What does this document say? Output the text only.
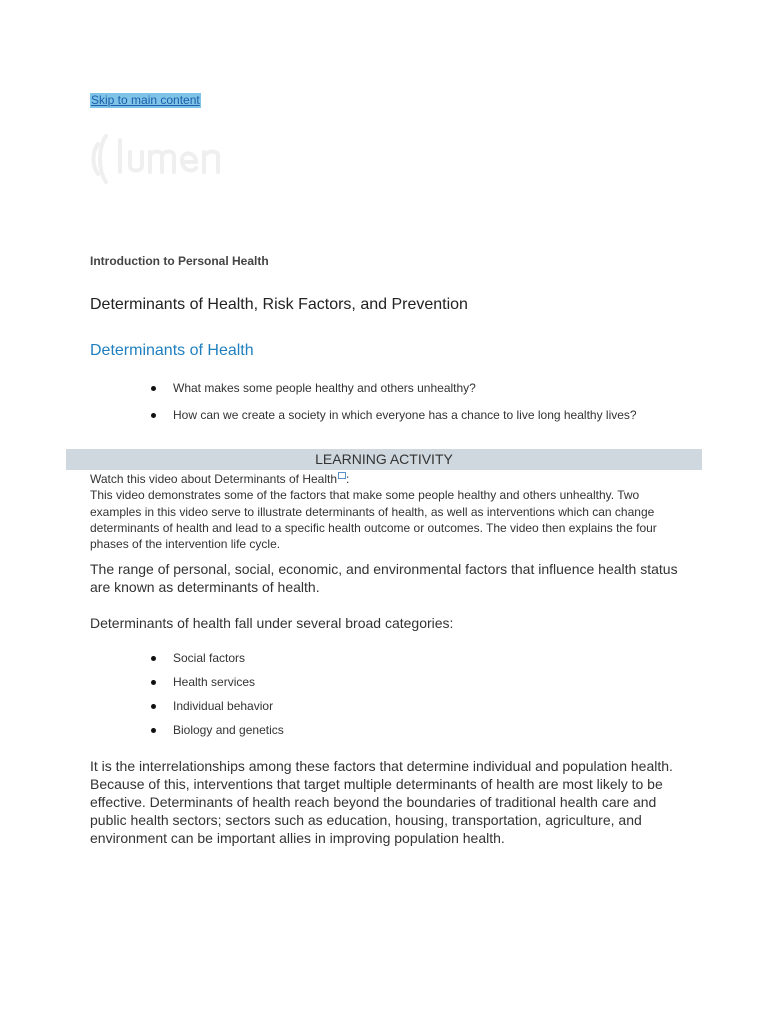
Skip to main content
Introduction to Personal Health
Determinants of Health, Risk Factors, and Prevention
Determinants of Health
What makes some people healthy and others unhealthy?
How can we create a society in which everyone has a chance to live long healthy lives?
LEARNING ACTIVITY
Watch this video about Determinants of Health :
This video demonstrates some of the factors that make some people healthy and others unhealthy. Two examples in this video serve to illustrate determinants of health, as well as interventions which can change determinants of health and lead to a specific health outcome or outcomes. The video then explains the four phases of the intervention life cycle.

The range of personal, social, economic, and environmental factors that influence health status are known as determinants of health.

Determinants of health fall under several broad categories:

Social factors
Health services
Individual behavior
Biology and genetics

It is the interrelationships among these factors that determine individual and population health. Because of this, interventions that target multiple determinants of health are most likely to be effective. Determinants of health reach beyond the boundaries of traditional health care and public health sectors; sectors such as education, housing, transportation, agriculture, and environment can be important allies in improving population health.
